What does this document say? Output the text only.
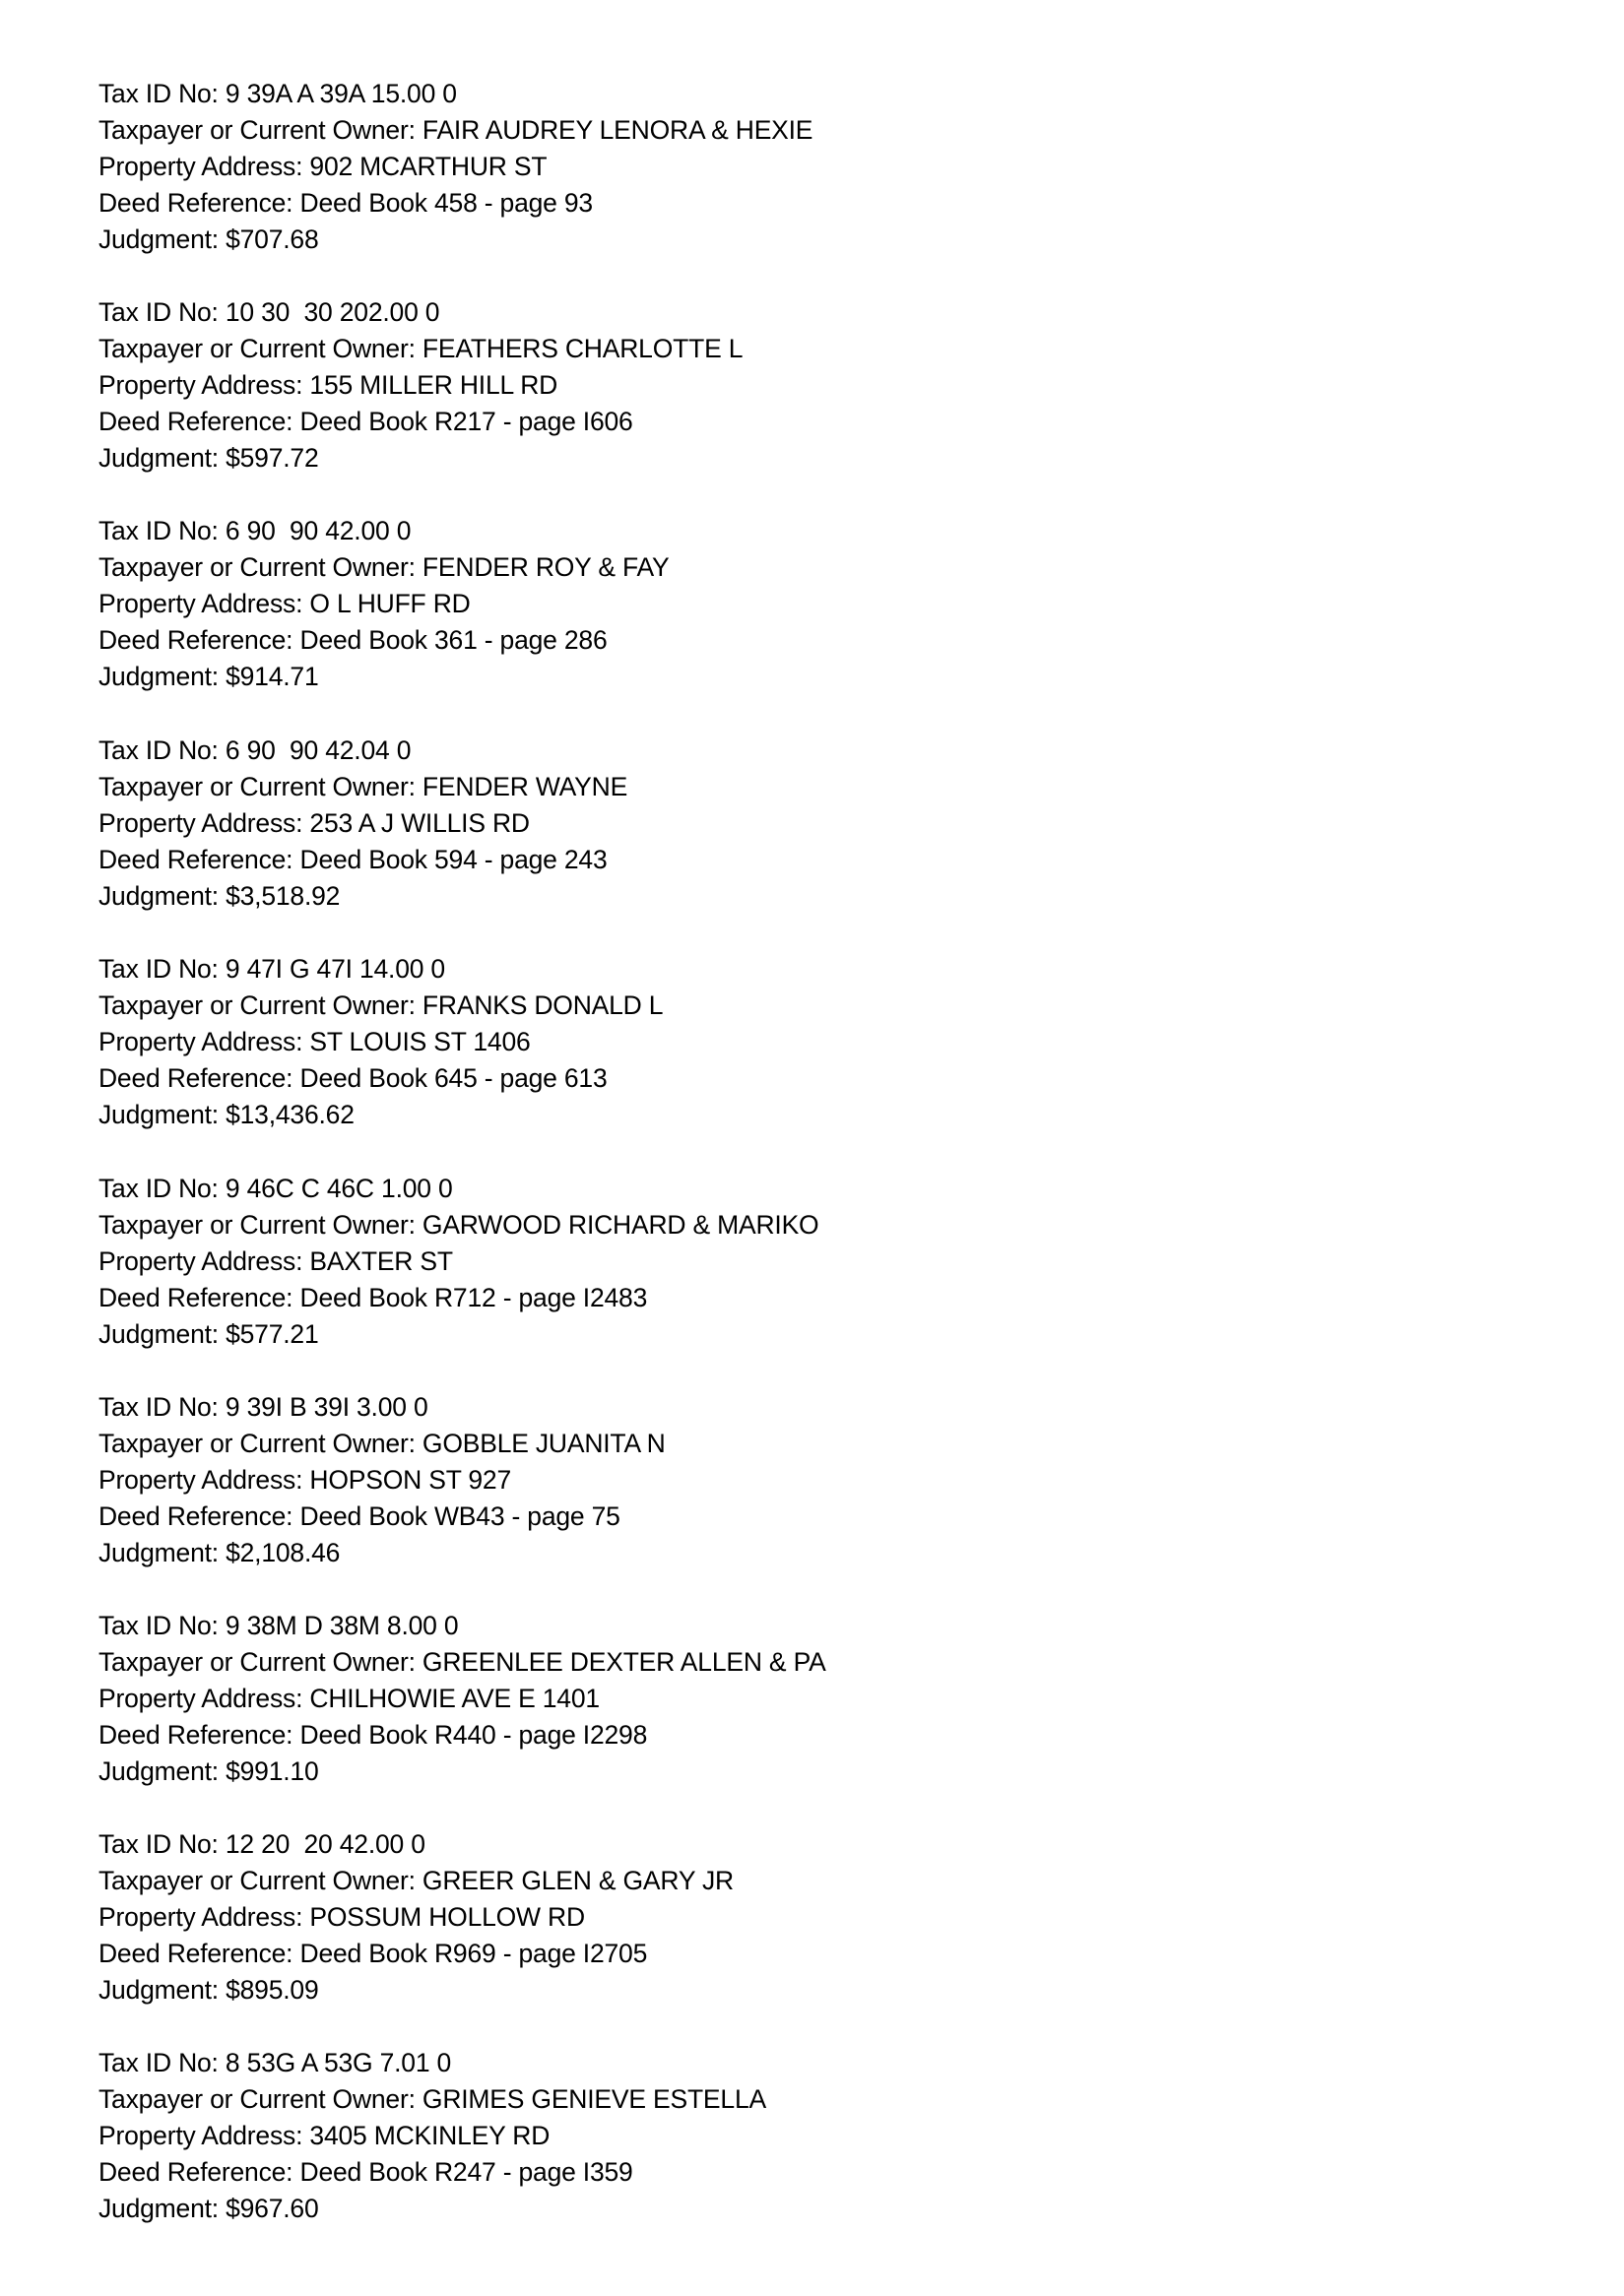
Tax ID No: 9 39A A 39A 15.00 0
Taxpayer or Current Owner: FAIR AUDREY LENORA & HEXIE
Property Address: 902 MCARTHUR ST
Deed Reference: Deed Book 458 - page 93
Judgment: $707.68
Tax ID No: 10 30  30 202.00 0
Taxpayer or Current Owner: FEATHERS CHARLOTTE L
Property Address: 155 MILLER HILL RD
Deed Reference: Deed Book R217 - page I606
Judgment: $597.72
Tax ID No: 6 90  90 42.00 0
Taxpayer or Current Owner: FENDER ROY & FAY
Property Address: O L HUFF RD
Deed Reference: Deed Book 361 - page 286
Judgment: $914.71
Tax ID No: 6 90  90 42.04 0
Taxpayer or Current Owner: FENDER WAYNE
Property Address: 253 A J WILLIS RD
Deed Reference: Deed Book 594 - page 243
Judgment: $3,518.92
Tax ID No: 9 47I G 47I 14.00 0
Taxpayer or Current Owner: FRANKS DONALD L
Property Address: ST LOUIS ST 1406
Deed Reference: Deed Book 645 - page 613
Judgment: $13,436.62
Tax ID No: 9 46C C 46C 1.00 0
Taxpayer or Current Owner: GARWOOD RICHARD & MARIKO
Property Address: BAXTER ST
Deed Reference: Deed Book R712 - page I2483
Judgment: $577.21
Tax ID No: 9 39I B 39I 3.00 0
Taxpayer or Current Owner: GOBBLE JUANITA N
Property Address: HOPSON ST 927
Deed Reference: Deed Book WB43 - page 75
Judgment: $2,108.46
Tax ID No: 9 38M D 38M 8.00 0
Taxpayer or Current Owner: GREENLEE DEXTER ALLEN & PA
Property Address: CHILHOWIE AVE E 1401
Deed Reference: Deed Book R440 - page I2298
Judgment: $991.10
Tax ID No: 12 20  20 42.00 0
Taxpayer or Current Owner: GREER GLEN & GARY JR
Property Address: POSSUM HOLLOW RD
Deed Reference: Deed Book R969 - page I2705
Judgment: $895.09
Tax ID No: 8 53G A 53G 7.01 0
Taxpayer or Current Owner: GRIMES GENIEVE ESTELLA
Property Address: 3405 MCKINLEY RD
Deed Reference: Deed Book R247 - page I359
Judgment: $967.60
